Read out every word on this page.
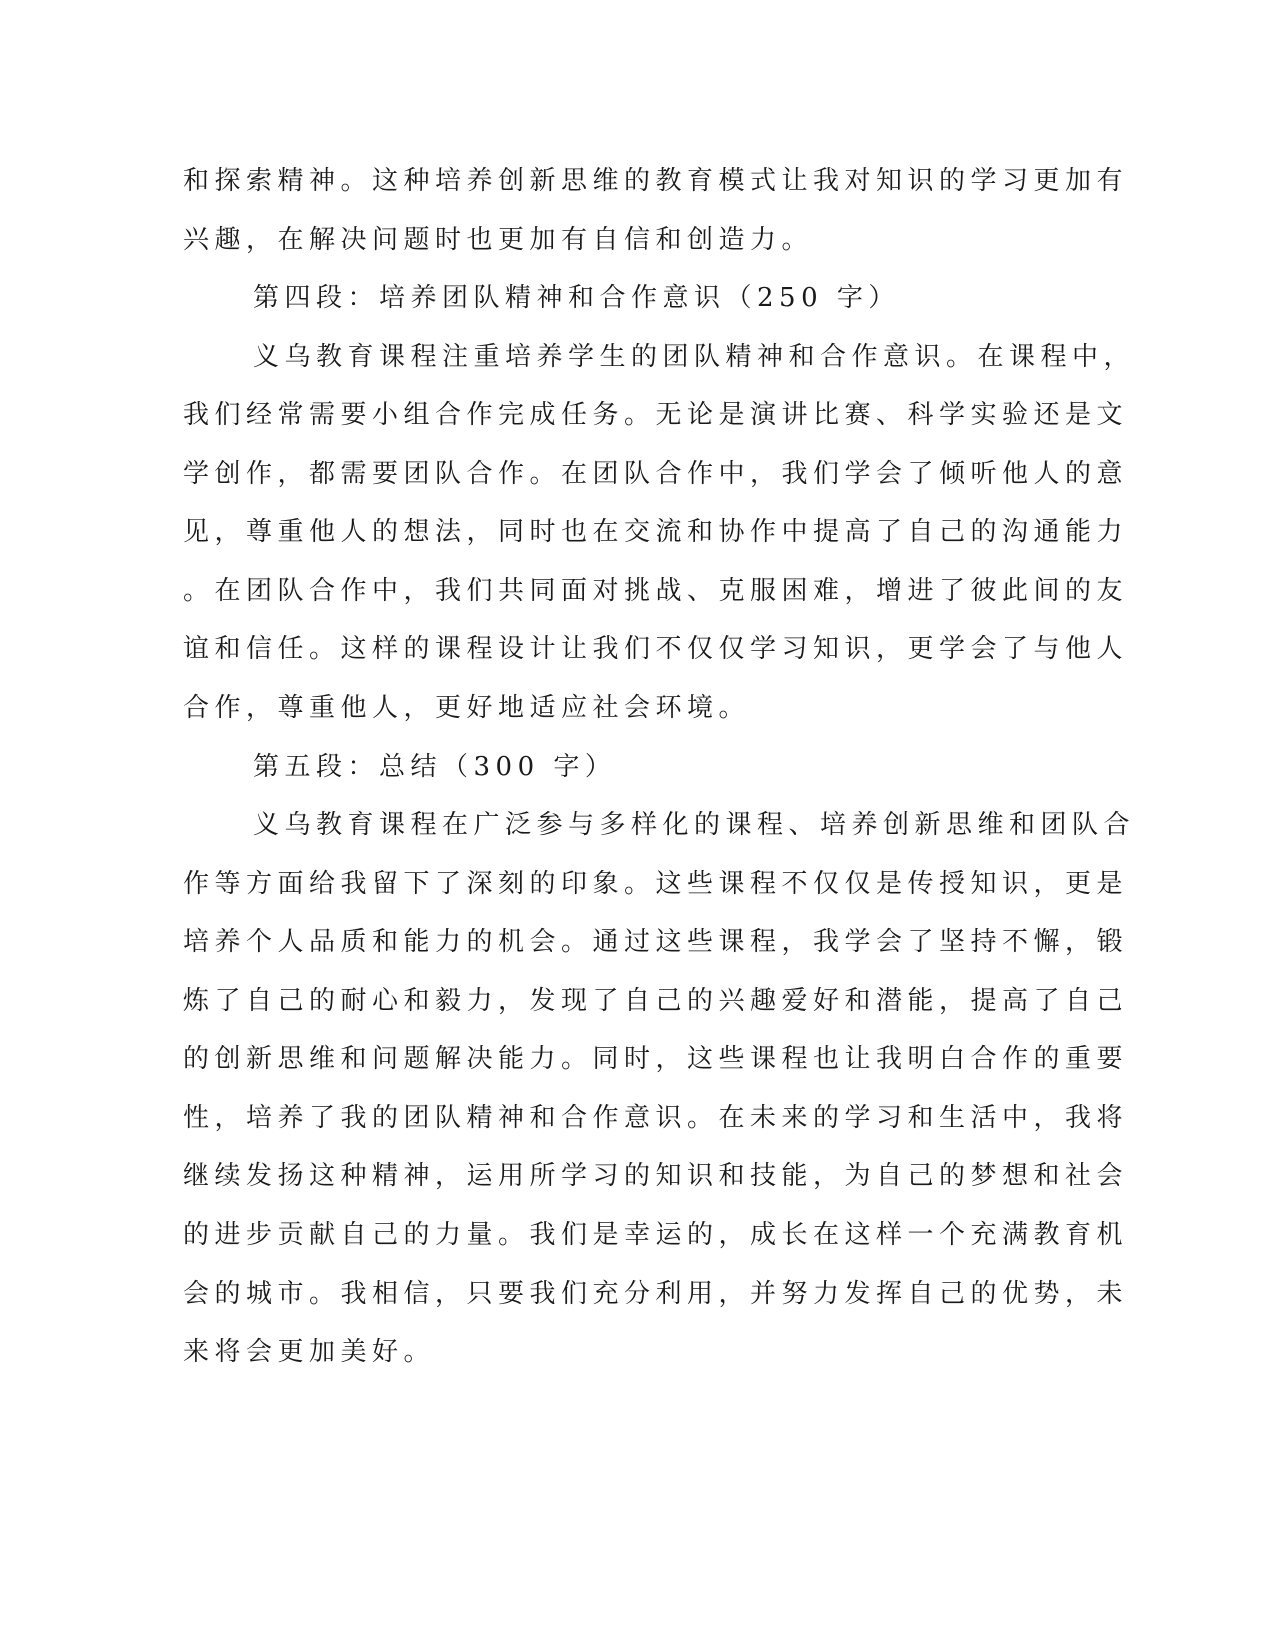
和探索精神。这种培养创新思维的教育模式让我对知识的学习更加有

兴趣，在解决问题时也更加有自信和创造力。

第四段：培养团队精神和合作意识（250 字）

义乌教育课程注重培养学生的团队精神和合作意识。在课程中，

我们经常需要小组合作完成任务。无论是演讲比赛、科学实验还是文

学创作，都需要团队合作。在团队合作中，我们学会了倾听他人的意

见，尊重他人的想法，同时也在交流和协作中提高了自己的沟通能力

。在团队合作中，我们共同面对挑战、克服困难，增进了彼此间的友

谊和信任。这样的课程设计让我们不仅仅学习知识，更学会了与他人

合作，尊重他人，更好地适应社会环境。

第五段：总结（300 字）

义乌教育课程在广泛参与多样化的课程、培养创新思维和团队合

作等方面给我留下了深刻的印象。这些课程不仅仅是传授知识，更是

培养个人品质和能力的机会。通过这些课程，我学会了坚持不懈，锻

炼了自己的耐心和毅力，发现了自己的兴趣爱好和潜能，提高了自己

的创新思维和问题解决能力。同时，这些课程也让我明白合作的重要

性，培养了我的团队精神和合作意识。在未来的学习和生活中，我将

继续发扬这种精神，运用所学习的知识和技能，为自己的梦想和社会

的进步贡献自己的力量。我们是幸运的，成长在这样一个充满教育机

会的城市。我相信，只要我们充分利用，并努力发挥自己的优势，未

来将会更加美好。
